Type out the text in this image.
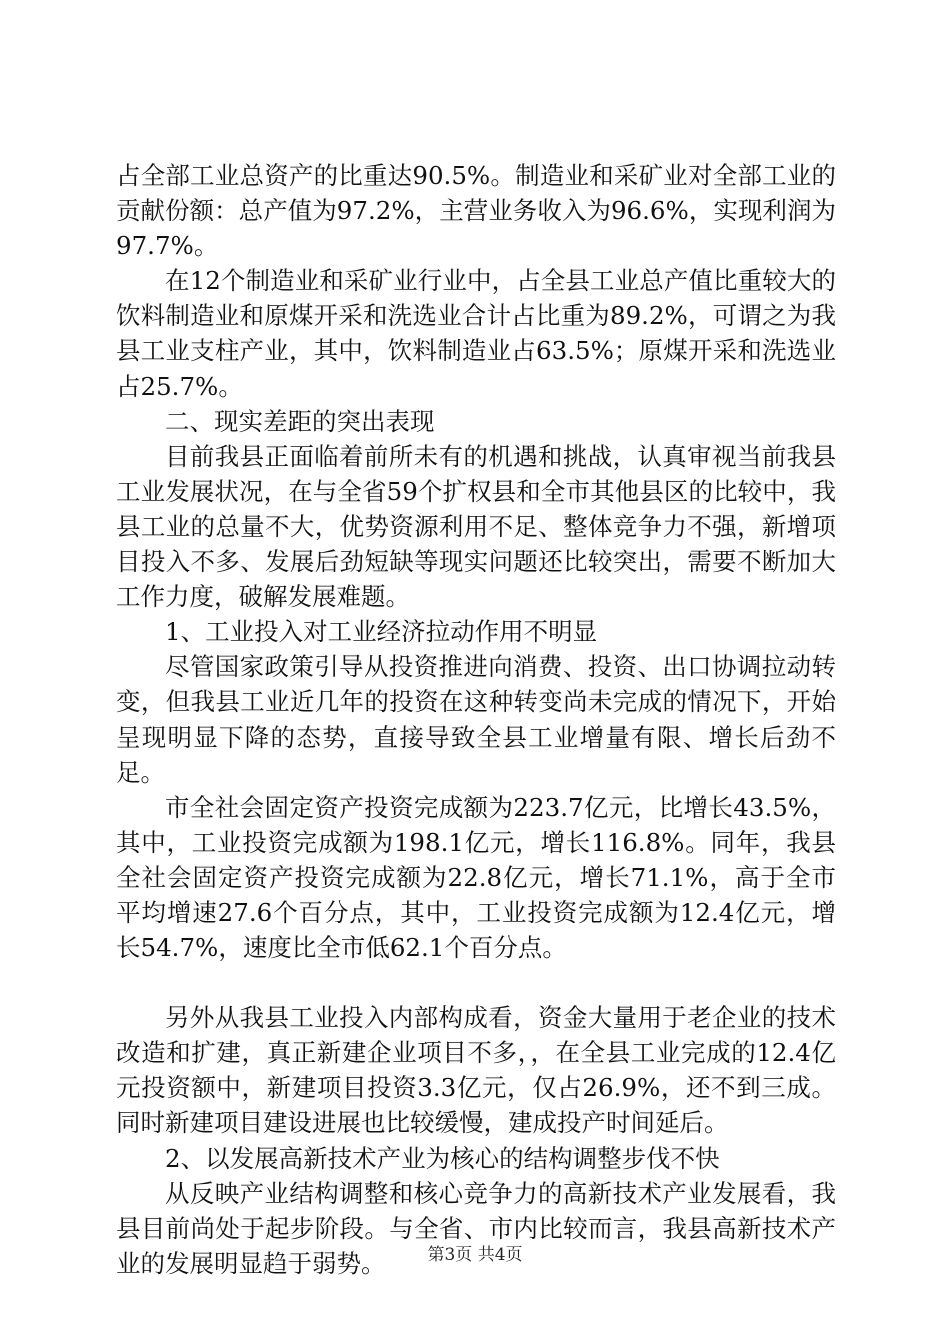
占全部工业总资产的比重达90.5%。制造业和采矿业对全部工业的贡献份额：总产值为97.2%，主营业务收入为96.6%，实现利润为97.7%。

在12个制造业和采矿业行业中，占全县工业总产值比重较大的饮料制造业和原煤开采和洗选业合计占比重为89.2%，可谓之为我县工业支柱产业，其中，饮料制造业占63.5%；原煤开采和洗选业占25.7%。

二、现实差距的突出表现

目前我县正面临着前所未有的机遇和挑战，认真审视当前我县工业发展状况，在与全省59个扩权县和全市其他县区的比较中，我县工业的总量不大，优势资源利用不足、整体竞争力不强，新增项目投入不多、发展后劲短缺等现实问题还比较突出，需要不断加大工作力度，破解发展难题。

1、工业投入对工业经济拉动作用不明显

尽管国家政策引导从投资推进向消费、投资、出口协调拉动转变，但我县工业近几年的投资在这种转变尚未完成的情况下，开始呈现明显下降的态势，直接导致全县工业增量有限、增长后劲不足。

市全社会固定资产投资完成额为223.7亿元，比增长43.5%，其中，工业投资完成额为198.1亿元，增长116.8%。同年，我县全社会固定资产投资完成额为22.8亿元，增长71.1%，高于全市平均增速27.6个百分点，其中，工业投资完成额为12.4亿元，增长54.7%，速度比全市低62.1个百分点。

另外从我县工业投入内部构成看，资金大量用于老企业的技术改造和扩建，真正新建企业项目不多，，在全县工业完成的12.4亿元投资额中，新建项目投资3.3亿元，仅占26.9%，还不到三成。同时新建项目建设进展也比较缓慢，建成投产时间延后。

2、以发展高新技术产业为核心的结构调整步伐不快

从反映产业结构调整和核心竞争力的高新技术产业发展看，我县目前尚处于起步阶段。与全省、市内比较而言，我县高新技术产业的发展明显趋于弱势。	第3页 共4页
